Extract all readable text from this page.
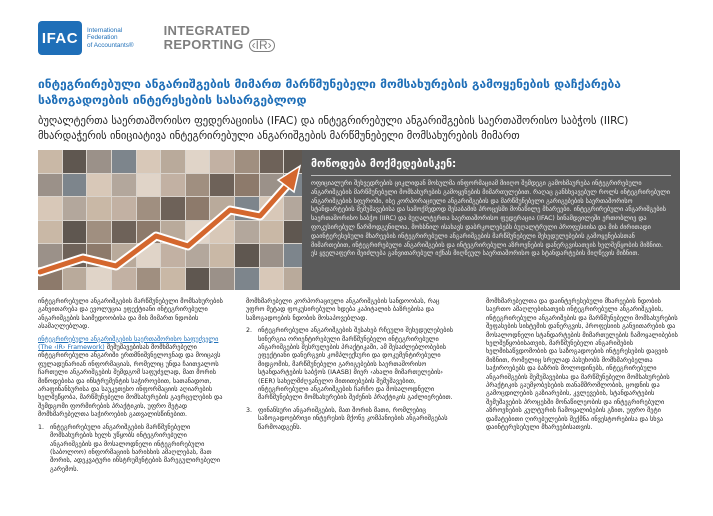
IFAC	International
Federation
of Accountants®
INTEGRATED
REPORTING ‹IR›
ინტეგრირებული ანგარიშგების მიმართ მარწმუნებელი მომსახურების გამოყენების დაჩქარება საზოგადოების ინტერესების სასარგებლოდ

ბუღალტერთა საერთაშორისო ფედერაციისა (IFAC) და ინტეგრირებული ანგარიშგების საერთაშორისო საბჭოს (IIRC) მხარდაჭერის ინიციატივა ინტეგრირებული ანგარიშგების მარწმუნებელი მომსახურების მიმართ

მოწოდება მოქმედებისკენ:
ოფიციალური შეხვედრების ციკლიდან მოსულმა ინფორმაციამ მიიღო შემდეგი გამოხმაურება ინტეგრირებული ანგარიშგების მარწმუნებელი მომსახურების გამოყენების მიმართულებით. რაღაც განსხვავებულ როლს ინტეგრირებული ანგარიშგების სფეროში, ისე კორპორაციული ანგარიშგების და მარწმუნებელი გარიგებების საერთაშორისო სტანდარტების შემუშავებისა და სამოქმედოდ შესაბამის პროცესში მონაწილე მხარეები. ინტეგრირებული ანგარიშგების საერთაშორისო საბჭო (IIRC) და ბუღალტერთა საერთაშორისო ფედერაცია (IFAC) სინამდვილეში ერთობლივ და ფოკუსირებულ წარმოდგენილია, მოხსნილ ისახავს დაბრკოლებებს ბუღალტრული პროფესიისა და მის ძირითადი დაინტერესებული მხარეების ინტეგრირებული ანგარიშგების მარწმუნებელი შეხედულებების გამოყენებასთან მიმართებით, ინტეგრირებული ანგარიშგების და ინტეგრირებული აზროვნების დანერგვისათვის ხელშეწყობის მიზნით. ეს ყველაფერი შეიძლება განვითარებულ იქნას მიღწეულ საერთაშორისო და სტანდარტების მიღწევის მიზნით.

ინტეგრირებული ანგარიშგების მარწმუნებელი მომსახურების განვითარება და ევოლუცია ეფექტიანი ინტეგრირებული ანგარიშგების საიმედოობისა და მის მიმართ ნდობის ასამაღლებლად.

ინტეგრირებული ანგარიშგების საერთაშორისო საფუძველი (The ‹IR› Framework) შემუშავებისას მომხმარებელი ინტეგრირებული ანგარიში ერთმნიშვნელოვნად და მოიცავს ფულადუნარიან ინფორმაციას, რომელიც უნდა ჩაითვალოს ჩართული ანგარიშგების შემდგომ საფუძვლად, მათ მორის მიწოდებისა და ინსტრუმენტის საჭიროებით, სათანადოთ, არაფინანსურისა და საუკეთესო ინფორმაციის აღიარების ხელშეწყობა, მარწმუნებელი მომსახურების გავრცელების და შემდგომი ფორმირების პრაქტიკის, უფრო მეტად მომხმარებელთა საჭიროების გათვალისწინებით.

1. ინტეგრირებული ანგარიშგების მარწმუნებელი მომსახურების ხელს უწყობს ინტეგრირებული ანგარიშგების და მოსალოდნელი ინტეგრირებული (საბოლოო) ინფორმაციის ხარისხის ამაღლებას, მათ შორის, ადეკვატური ინსტრუმენტების მარეგულირებელი გარემოს.

მომხმარებელი კორპორაციული ანგარიშგების სანდოობას, რაც უფრო მეტად ფოკუსირებული ხდება კაპიტალის ბაზრებისა და საზოგადოების ნდობის მოსაპოვებლად.

2. ინტეგრირებული ანგარიშგების შესახებ რჩეული შეხედულებების სინერგია ორიენტირებული მარწმუნებელი ინტეგრირებული ანგარიშგების შესრულების პრაქტიკაში, ამ შესაძლებლობების ეფექტიანი დანერგვის კომპლექსური და დოკუმენტირებული მიდგომის, მარწმუნებელი გარიგებების საერთაშორისო სტანდარტების საბჭოს (IAASB) მიერ ‹ახალი მიმართულების› (EER) სახელმძღვანელო მითითებების შემუშავებით, ინტეგრირებული ანგარიშგების ჩარჩო და მოსალოდნელი მარწმუნებელი მომსახურების შეძენის პრაქტიკის გაძლიერებით.
3. ფინანსური ანგარიშგების, მათ შორის მათი, რომლებიც საზოგადოებრივი ინტერესის მქონე კომპანიების ანგარიშგებას წარმოადგენს.

მომხმარებელთა და დაინტერესებული მხარეების ნდობის საერთო ამაღლებისათვის ინტეგრირებული ანგარიშგების, ინტეგრირებული ანგარიშების და მარწმუნებელი მომსახურების შეფასების სისტემის დანერგვის, პროფესიის განვითარების და მოსალოდნელი სტანდარტების მიმართულების ჩამოყალიბების ხელშეწყობისათვის, მარწმუნებელი ანგარიშების ხელმისაწვდომობის და საზოგადოების ინტერესების დაცვის მიზნით, რომელიც სრულად პასუხობს მომხმარებელთა საჭიროებებს და ბაზრის მოლოდინებს, ინტეგრირებული ანგარიშგების შემუშავებისა და მარწმუნებელი მომსახურების პრაქტიკის გაუმჯობესების თანამშრომლობის, ცოდნის და გამოცდილების გაზიარების, კვლევების, სტანდარტების შემუშავების პროცესში მონაწილეობის და ინტეგრირებული აზროვნების კულტურის ჩამოყალიბების გზით, უფრო მეტი დამატებითი ღირებულების შექმნა ინვესტორებისა და სხვა დაინტერესებული მხარეებისათვის.
